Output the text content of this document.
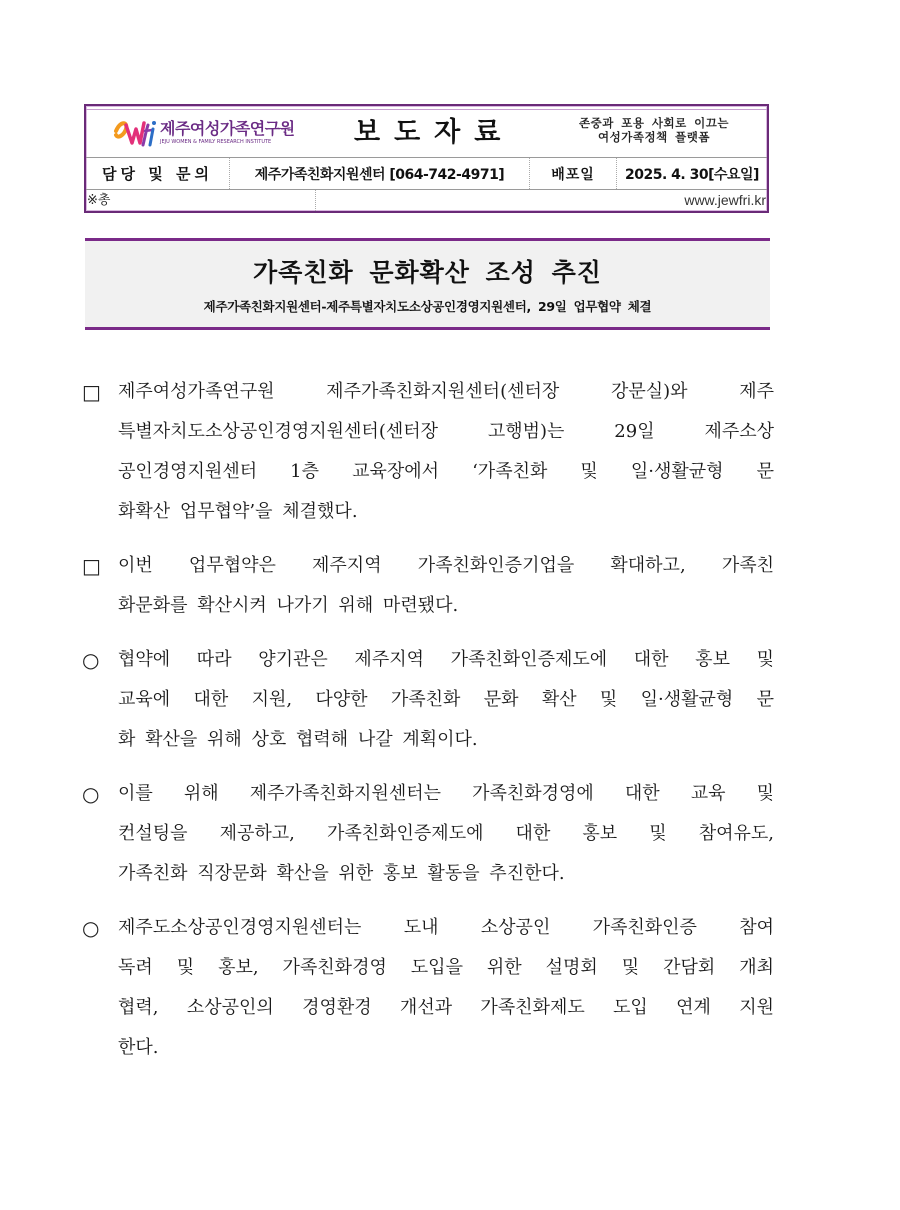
제주여성가족연구원
JEJU WOMEN & FAMILY RESEARCH INSTITUTE	보도자료	존중과 포용 사회로 이끄는
여성가족정책 플랫폼
담당 및 문의	제주가족친화지원센터 [064-742-4971]	배포일	2025. 4. 30[수요일]
※총	www.jewfri.kr
가족친화 문화확산 조성 추진
제주가족친화지원센터-제주특별자치도소상공인경영지원센터, 29일 업무협약 체결
□ 제주여성가족연구원 제주가족친화지원센터(센터장 강문실)와 제주
특별자치도소상공인경영지원센터(센터장 고행범)는 29일 제주소상
공인경영지원센터 1층 교육장에서 ‘가족친화 및 일·생활균형 문
화확산 업무협약’을 체결했다.
□ 이번 업무협약은 제주지역 가족친화인증기업을 확대하고, 가족친
화문화를 확산시켜 나가기 위해 마련됐다.
○	협약에 따라 양기관은 제주지역 가족친화인증제도에 대한 홍보 및
교육에 대한 지원, 다양한 가족친화 문화 확산 및 일·생활균형 문
화 확산을 위해 상호 협력해 나갈 계획이다.
○	이를 위해 제주가족친화지원센터는 가족친화경영에 대한 교육 및
컨설팅을 제공하고, 가족친화인증제도에 대한 홍보 및 참여유도,
가족친화 직장문화 확산을 위한 홍보 활동을 추진한다.
○	제주도소상공인경영지원센터는 도내 소상공인 가족친화인증 참여
독려 및 홍보, 가족친화경영 도입을 위한 설명회 및 간담회 개최
협력, 소상공인의 경영환경 개선과 가족친화제도 도입 연계 지원
한다.
